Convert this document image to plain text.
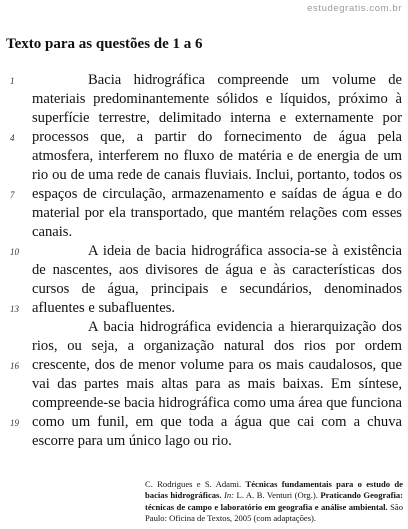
estudegratis.com.br
Texto para as questões de 1 a 6
Bacia hidrográfica compreende um volume de
materiais predominantemente sólidos e líquidos, próximo à
superfície terrestre, delimitado interna e externamente por
processos que, a partir do fornecimento de água pela
atmosfera, interferem no fluxo de matéria e de energia de um
rio ou de uma rede de canais fluviais. Inclui, portanto, todos os
espaços de circulação, armazenamento e saídas de água e do
material por ela transportado, que mantém relações com esses
canais.
A ideia de bacia hidrográfica associa-se à existência
de nascentes, aos divisores de água e às características dos
cursos de água, principais e secundários, denominados
afluentes e subafluentes.
A bacia hidrográfica evidencia a hierarquização dos
rios, ou seja, a organização natural dos rios por ordem
crescente, dos de menor volume para os mais caudalosos, que
vai das partes mais altas para as mais baixas. Em síntese,
compreende-se bacia hidrográfica como uma área que funciona
como um funil, em que toda a água que cai com a chuva
escorre para um único lago ou rio.
1
4
7
10
13
16
19
C. Rodrigues e S. Adami. Técnicas fundamentais para o estudo de bacias hidrográficas. In: L. A. B. Venturi (Org.). Praticando Geografia: técnicas de campo e laboratório em geografia e análise ambiental. São Paulo: Oficina de Textos, 2005 (com adaptações).
